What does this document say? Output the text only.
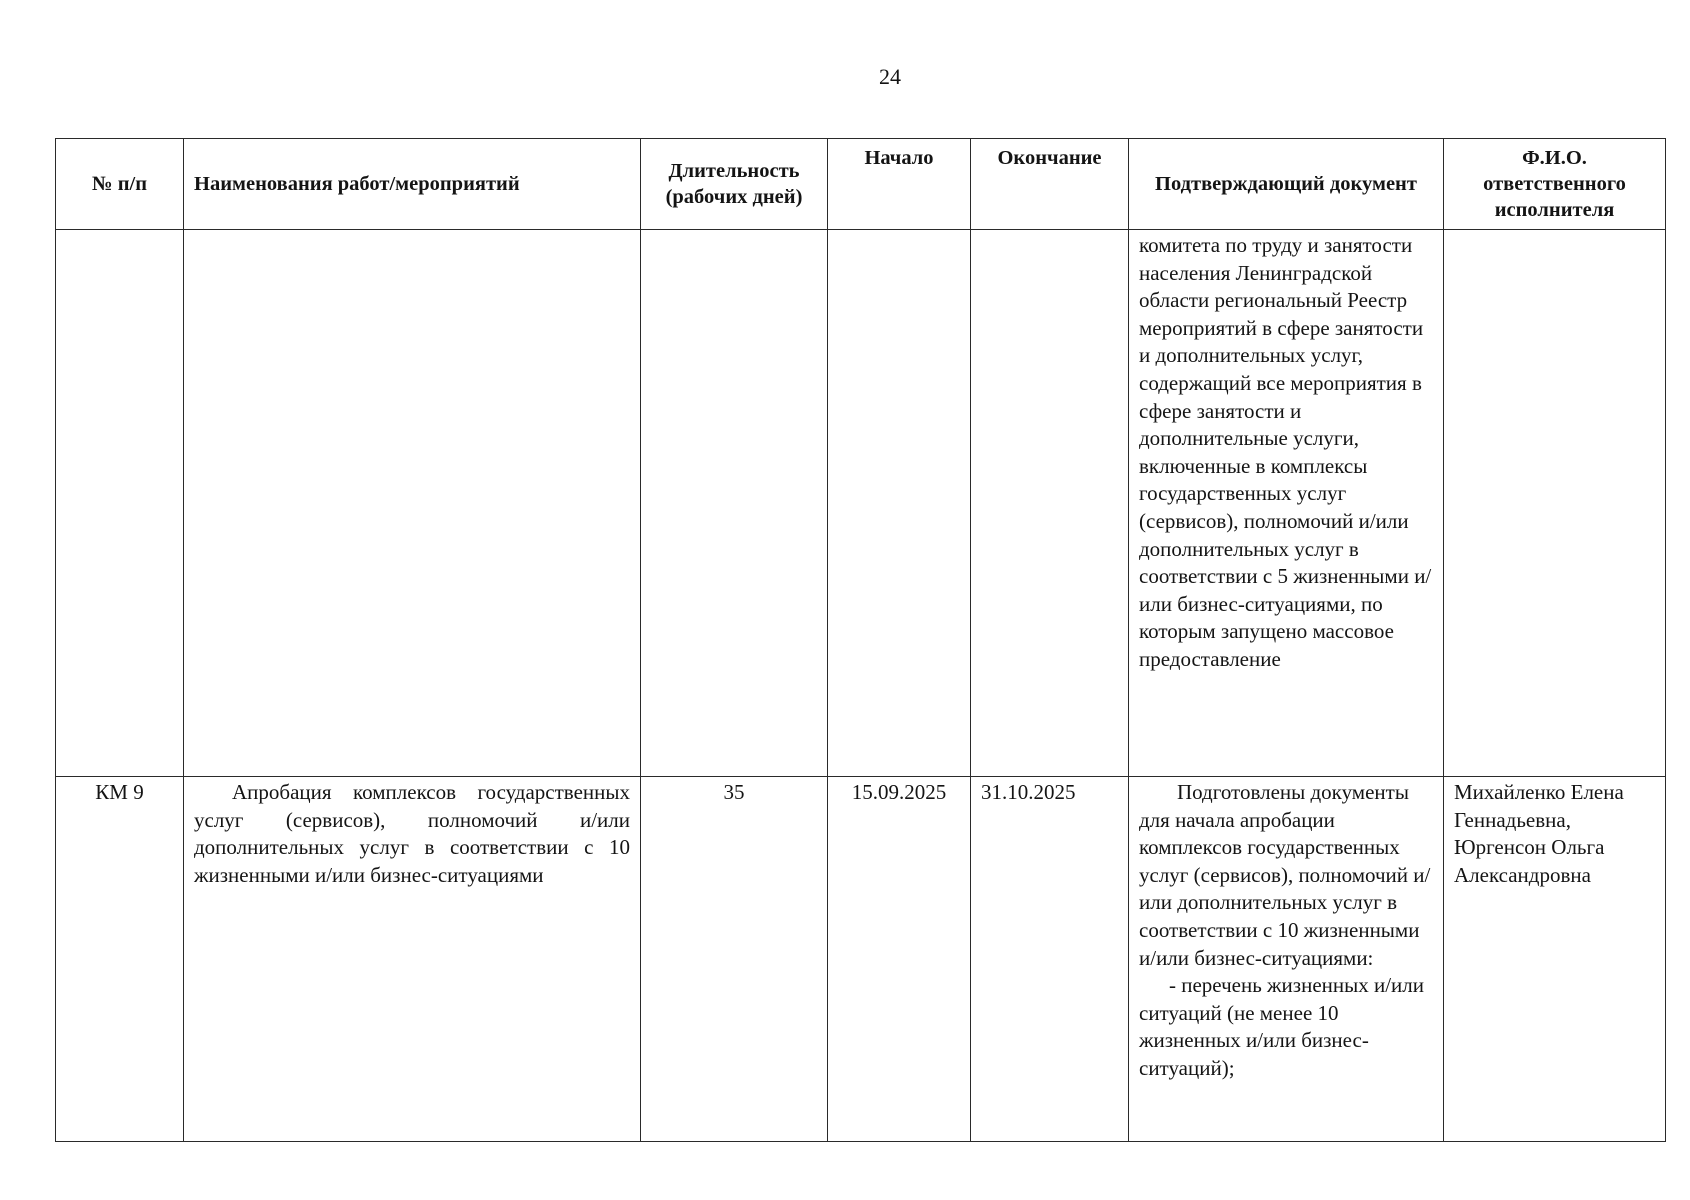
24
№ п/п	Наименования работ/мероприятий	Длительность (рабочих дней)	Начало	Окончание	Подтверждающий документ	Ф.И.О. ответственного исполнителя

					комитета по труду и занятости населения Ленинградской области региональный Реестр мероприятий в сфере занятости и дополнительных услуг, содержащий все мероприятия в сфере занятости и дополнительные услуги, включенные в комплексы государственных услуг (сервисов), полномочий и/или дополнительных услуг в соответствии с 5 жизненными и/или бизнес-ситуациями, по которым запущено массовое предоставление	

КМ 9	Апробация комплексов государственных услуг (сервисов), полномочий и/или дополнительных услуг в соответствии с 10 жизненными и/или бизнес-ситуациями	35	15.09.2025	31.10.2025	Подготовлены документы для начала апробации комплексов государственных услуг (сервисов), полномочий и/или дополнительных услуг в соответствии с 10 жизненными и/или бизнес-ситуациями:
- перечень жизненных и/или ситуаций (не менее 10 жизненных и/или бизнес- ситуаций);	Михайленко Елена Геннадьевна, Юргенсон Ольга Александровна
